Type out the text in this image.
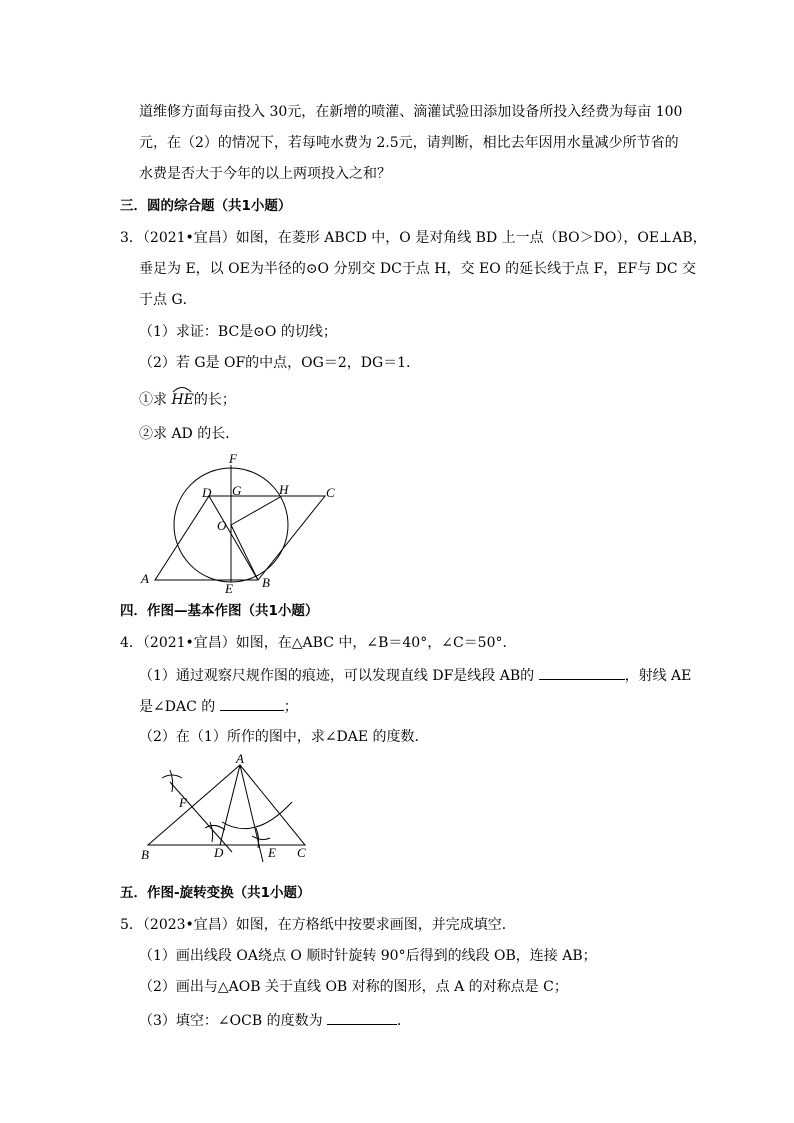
道维修方面每亩投入 30元，在新增的喷灌、滴灌试验田添加设备所投入经费为每亩 100
元，在（2）的情况下，若每吨水费为 2.5元，请判断，相比去年因用水量减少所节省的
水费是否大于今年的以上两项投入之和？
三．圆的综合题（共1小题）
3．（2021•宜昌）如图，在菱形 ABCD 中，O 是对角线 BD 上一点（BO＞DO），OE⊥AB，
垂足为 E，以 OE为半径的⊙O 分别交 DC于点 H，交 EO 的延长线于点 F，EF与 DC 交
于点 G．
（1）求证：BC是⊙O 的切线；
（2）若 G是 OF的中点，OG＝2，DG＝1．
①求
HE的长；
②求 AD 的长．
F
D G	H	C
O
A
E B
四．作图—基本作图（共1小题）
4．（2021•宜昌）如图，在△ABC 中，∠B＝40°，∠C＝50°．
（1）通过观察尺规作图的痕迹，可以发现直线 DF是线段 AB的	，射线 AE
是∠DAC 的	；
（2）在（1）所作的图中，求∠DAE 的度数．
A
F
B	D	E C
五．作图-旋转变换（共1小题）
5．（2023•宜昌）如图，在方格纸中按要求画图，并完成填空．
（1）画出线段 OA绕点 O 顺时针旋转 90°后得到的线段 OB，连接 AB；
（2）画出与△AOB 关于直线 OB 对称的图形，点 A 的对称点是 C；
（3）填空：∠OCB 的度数为	．
